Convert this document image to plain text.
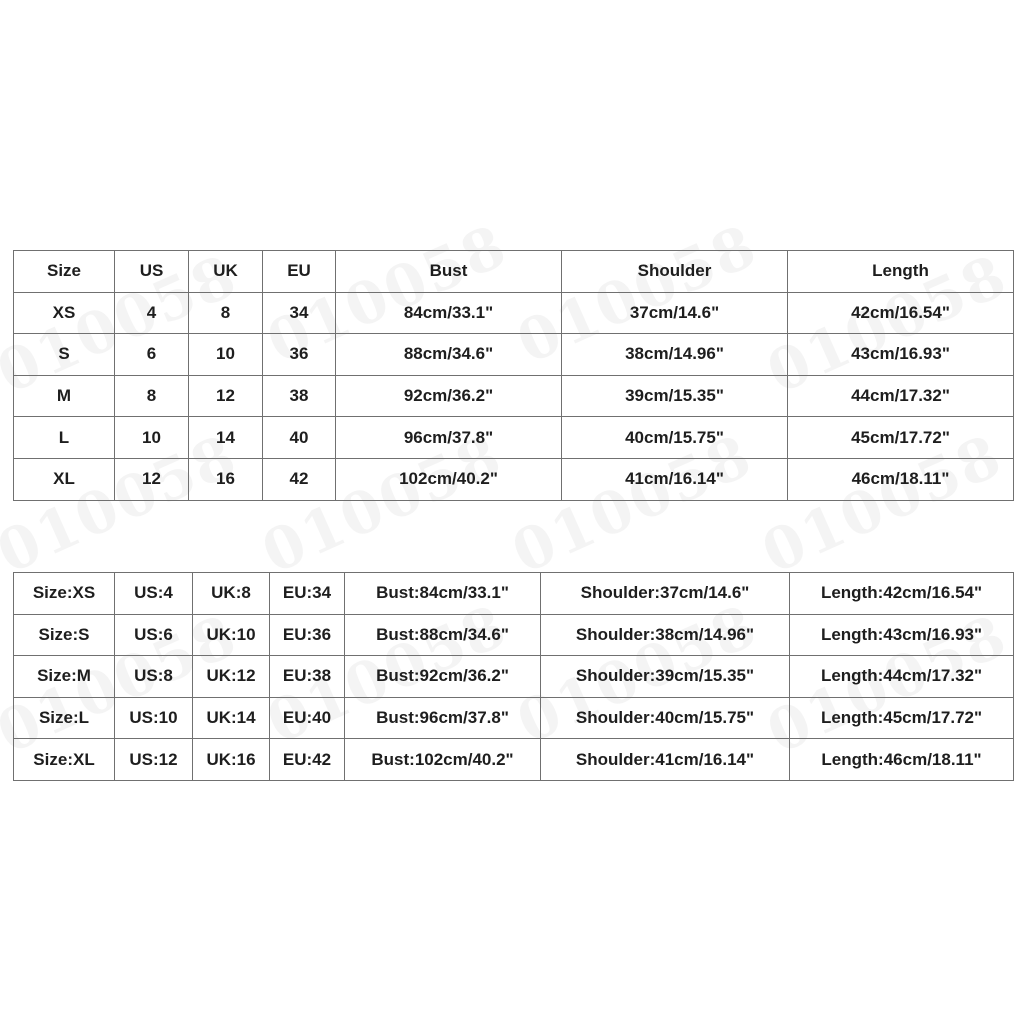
Size	US	UK	EU	Bust	Shoulder	Length
XS	4	8	34	84cm/33.1"	37cm/14.6"	42cm/16.54"
S	6	10	36	88cm/34.6"	38cm/14.96"	43cm/16.93"
M	8	12	38	92cm/36.2"	39cm/15.35"	44cm/17.32"
L	10	14	40	96cm/37.8"	40cm/15.75"	45cm/17.72"
XL	12	16	42	102cm/40.2"	41cm/16.14"	46cm/18.11"
Size:XS	US:4	UK:8	EU:34	Bust:84cm/33.1"	Shoulder:37cm/14.6"	Length:42cm/16.54"
Size:S	US:6	UK:10	EU:36	Bust:88cm/34.6"	Shoulder:38cm/14.96"	Length:43cm/16.93"
Size:M	US:8	UK:12	EU:38	Bust:92cm/36.2"	Shoulder:39cm/15.35"	Length:44cm/17.32"
Size:L	US:10	UK:14	EU:40	Bust:96cm/37.8"	Shoulder:40cm/15.75"	Length:45cm/17.72"
Size:XL	US:12	UK:16	EU:42	Bust:102cm/40.2"	Shoulder:41cm/16.14"	Length:46cm/18.11"
